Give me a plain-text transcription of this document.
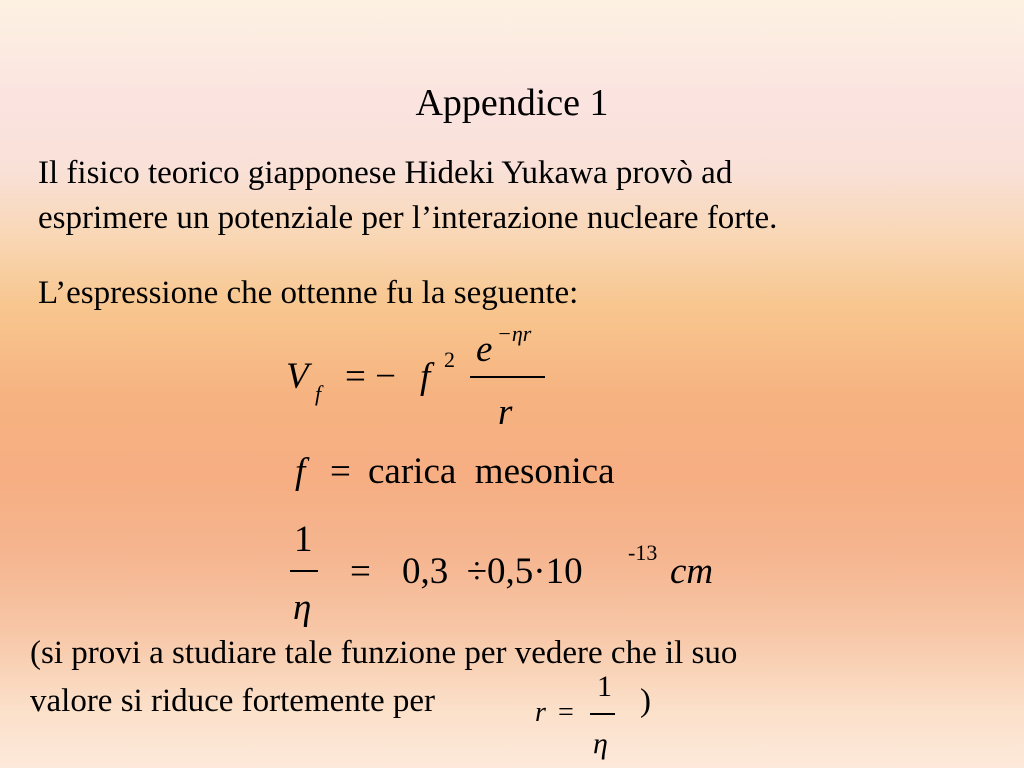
Appendice 1
Il fisico teorico giapponese Hideki Yukawa provò ad
esprimere un potenziale per l’interazione nucleare forte.
L’espressione che ottenne fu la seguente:
V f = − f 2 e −ηr
r
f = carica  mesonica
1
η
= 0,3  ÷0,5·10 -13 cm
(si provi a studiare tale funzione per vedere che il suo
valore si riduce fortemente per	r =
1
η
)
